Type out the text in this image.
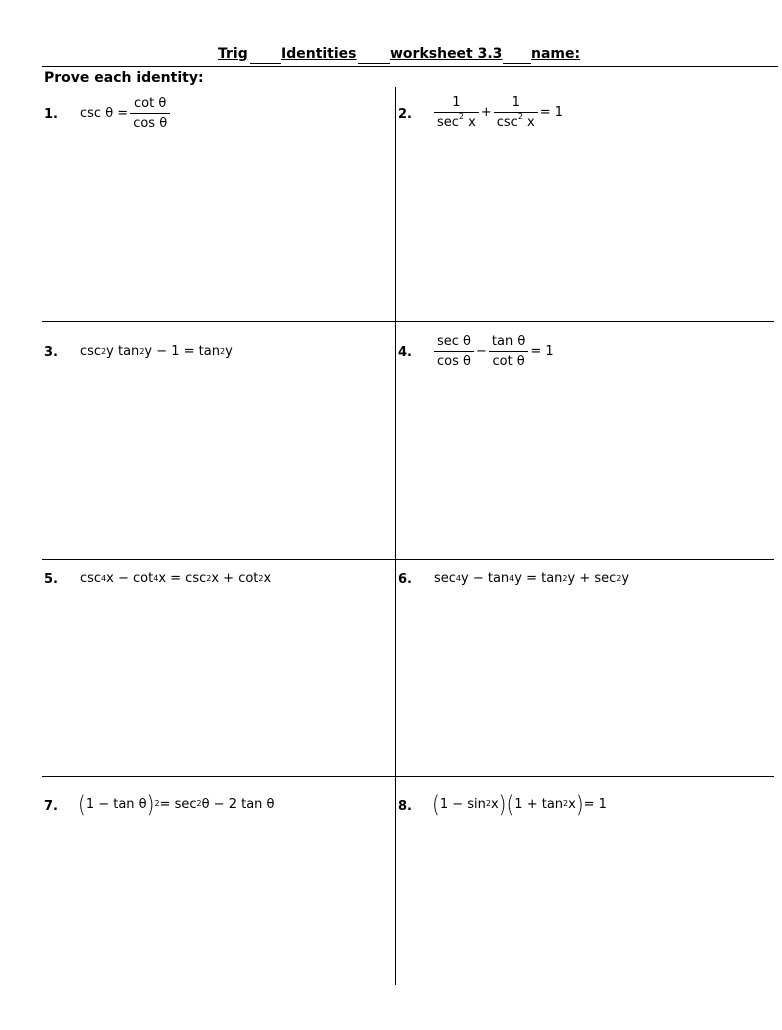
Trig Identities worksheet 3.3 name:
Prove each identity:
1. $\csc \theta = \frac{\text{cot θ}}{\text{cos θ}}$	2. $\frac{1}{\sec^2 x} + \frac{1}{\csc^2 x} = 1$
3. csc 2 y tan 2 y − 1 = tan 2 y	4. $\frac{\text{sec θ}}{\text{cos θ}} - \frac{\text{tan θ}}{\text{cot θ}} = 1$
5. csc 4 x − cot 4 x = csc 2 x + cot 2 x	6. sec 4 y − tan 4 y = tan 2 y + sec 2 y
7. ( 1 − tan θ ) 2 = sec 2 θ − 2 tan θ	8. ( 1 − sin 2 x ) ( 1 + tan 2 x ) = 1
